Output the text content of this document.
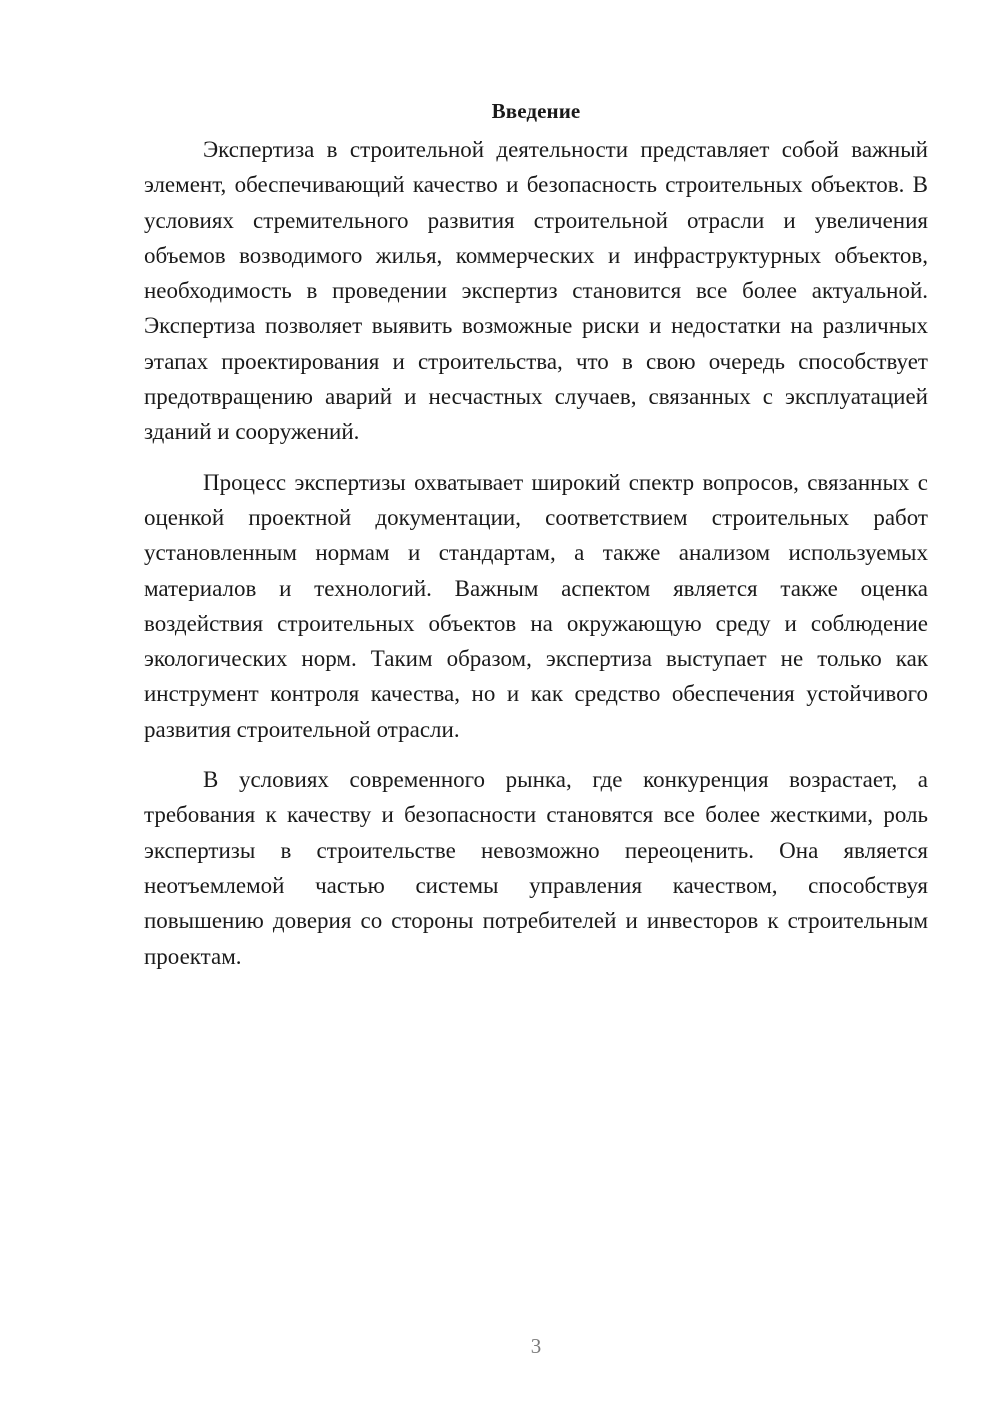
Введение

Экспертиза в строительной деятельности представляет собой важный элемент, обеспечивающий качество и безопасность строительных объектов. В условиях стремительного развития строительной отрасли и увеличения объемов возводимого жилья, коммерческих и инфраструктурных объектов, необходимость в проведении экспертиз становится все более актуальной. Экспертиза позволяет выявить возможные риски и недостатки на различных этапах проектирования и строительства, что в свою очередь способствует предотвращению аварий и несчастных случаев, связанных с эксплуатацией зданий и сооружений.

Процесс экспертизы охватывает широкий спектр вопросов, связанных с оценкой проектной документации, соответствием строительных работ установленным нормам и стандартам, а также анализом используемых материалов и технологий. Важным аспектом является также оценка воздействия строительных объектов на окружающую среду и соблюдение экологических норм. Таким образом, экспертиза выступает не только как инструмент контроля качества, но и как средство обеспечения устойчивого развития строительной отрасли.

В условиях современного рынка, где конкуренция возрастает, а требования к качеству и безопасности становятся все более жесткими, роль экспертизы в строительстве невозможно переоценить. Она является неотъемлемой частью системы управления качеством, способствуя повышению доверия со стороны потребителей и инвесторов к строительным проектам.

3
